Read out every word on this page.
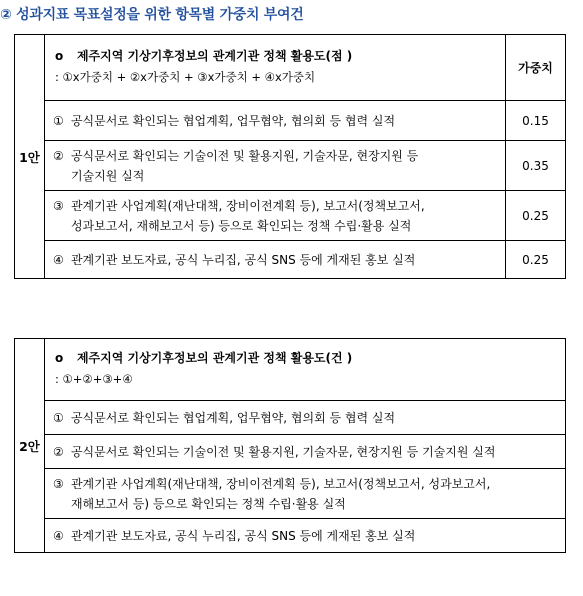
② 성과지표 목표설정을 위한 항목별 가중치 부여건
1안	o 제주지역 기상기후정보의 관계기관 정책 활용도(점 )
: ①x가중치 + ②x가중치 + ③x가중치 + ④x가중치	가중치
	① 공식문서로 확인되는 협업계획, 업무협약, 협의회 등 협력 실적	0.15
	② 공식문서로 확인되는 기술이전 및 활용지원, 기술자문, 현장지원 등
기술지원 실적	0.35
	③ 관계기관 사업계획(재난대책, 장비이전계획 등), 보고서(정책보고서,
성과보고서, 재해보고서 등) 등으로 확인되는 정책 수립·활용 실적	0.25
	④ 관계기관 보도자료, 공식 누리집, 공식 SNS 등에 게재된 홍보 실적	0.25
2안	o 제주지역 기상기후정보의 관계기관 정책 활용도(건 )
: ①+②+③+④

① 공식문서로 확인되는 협업계획, 업무협약, 협의회 등 협력 실적
② 공식문서로 확인되는 기술이전 및 활용지원, 기술자문, 현장지원 등 기술지원 실적
③ 관계기관 사업계획(재난대책, 장비이전계획 등), 보고서(정책보고서, 성과보고서,
재해보고서 등) 등으로 확인되는 정책 수립·활용 실적

④ 관계기관 보도자료, 공식 누리집, 공식 SNS 등에 게재된 홍보 실적
